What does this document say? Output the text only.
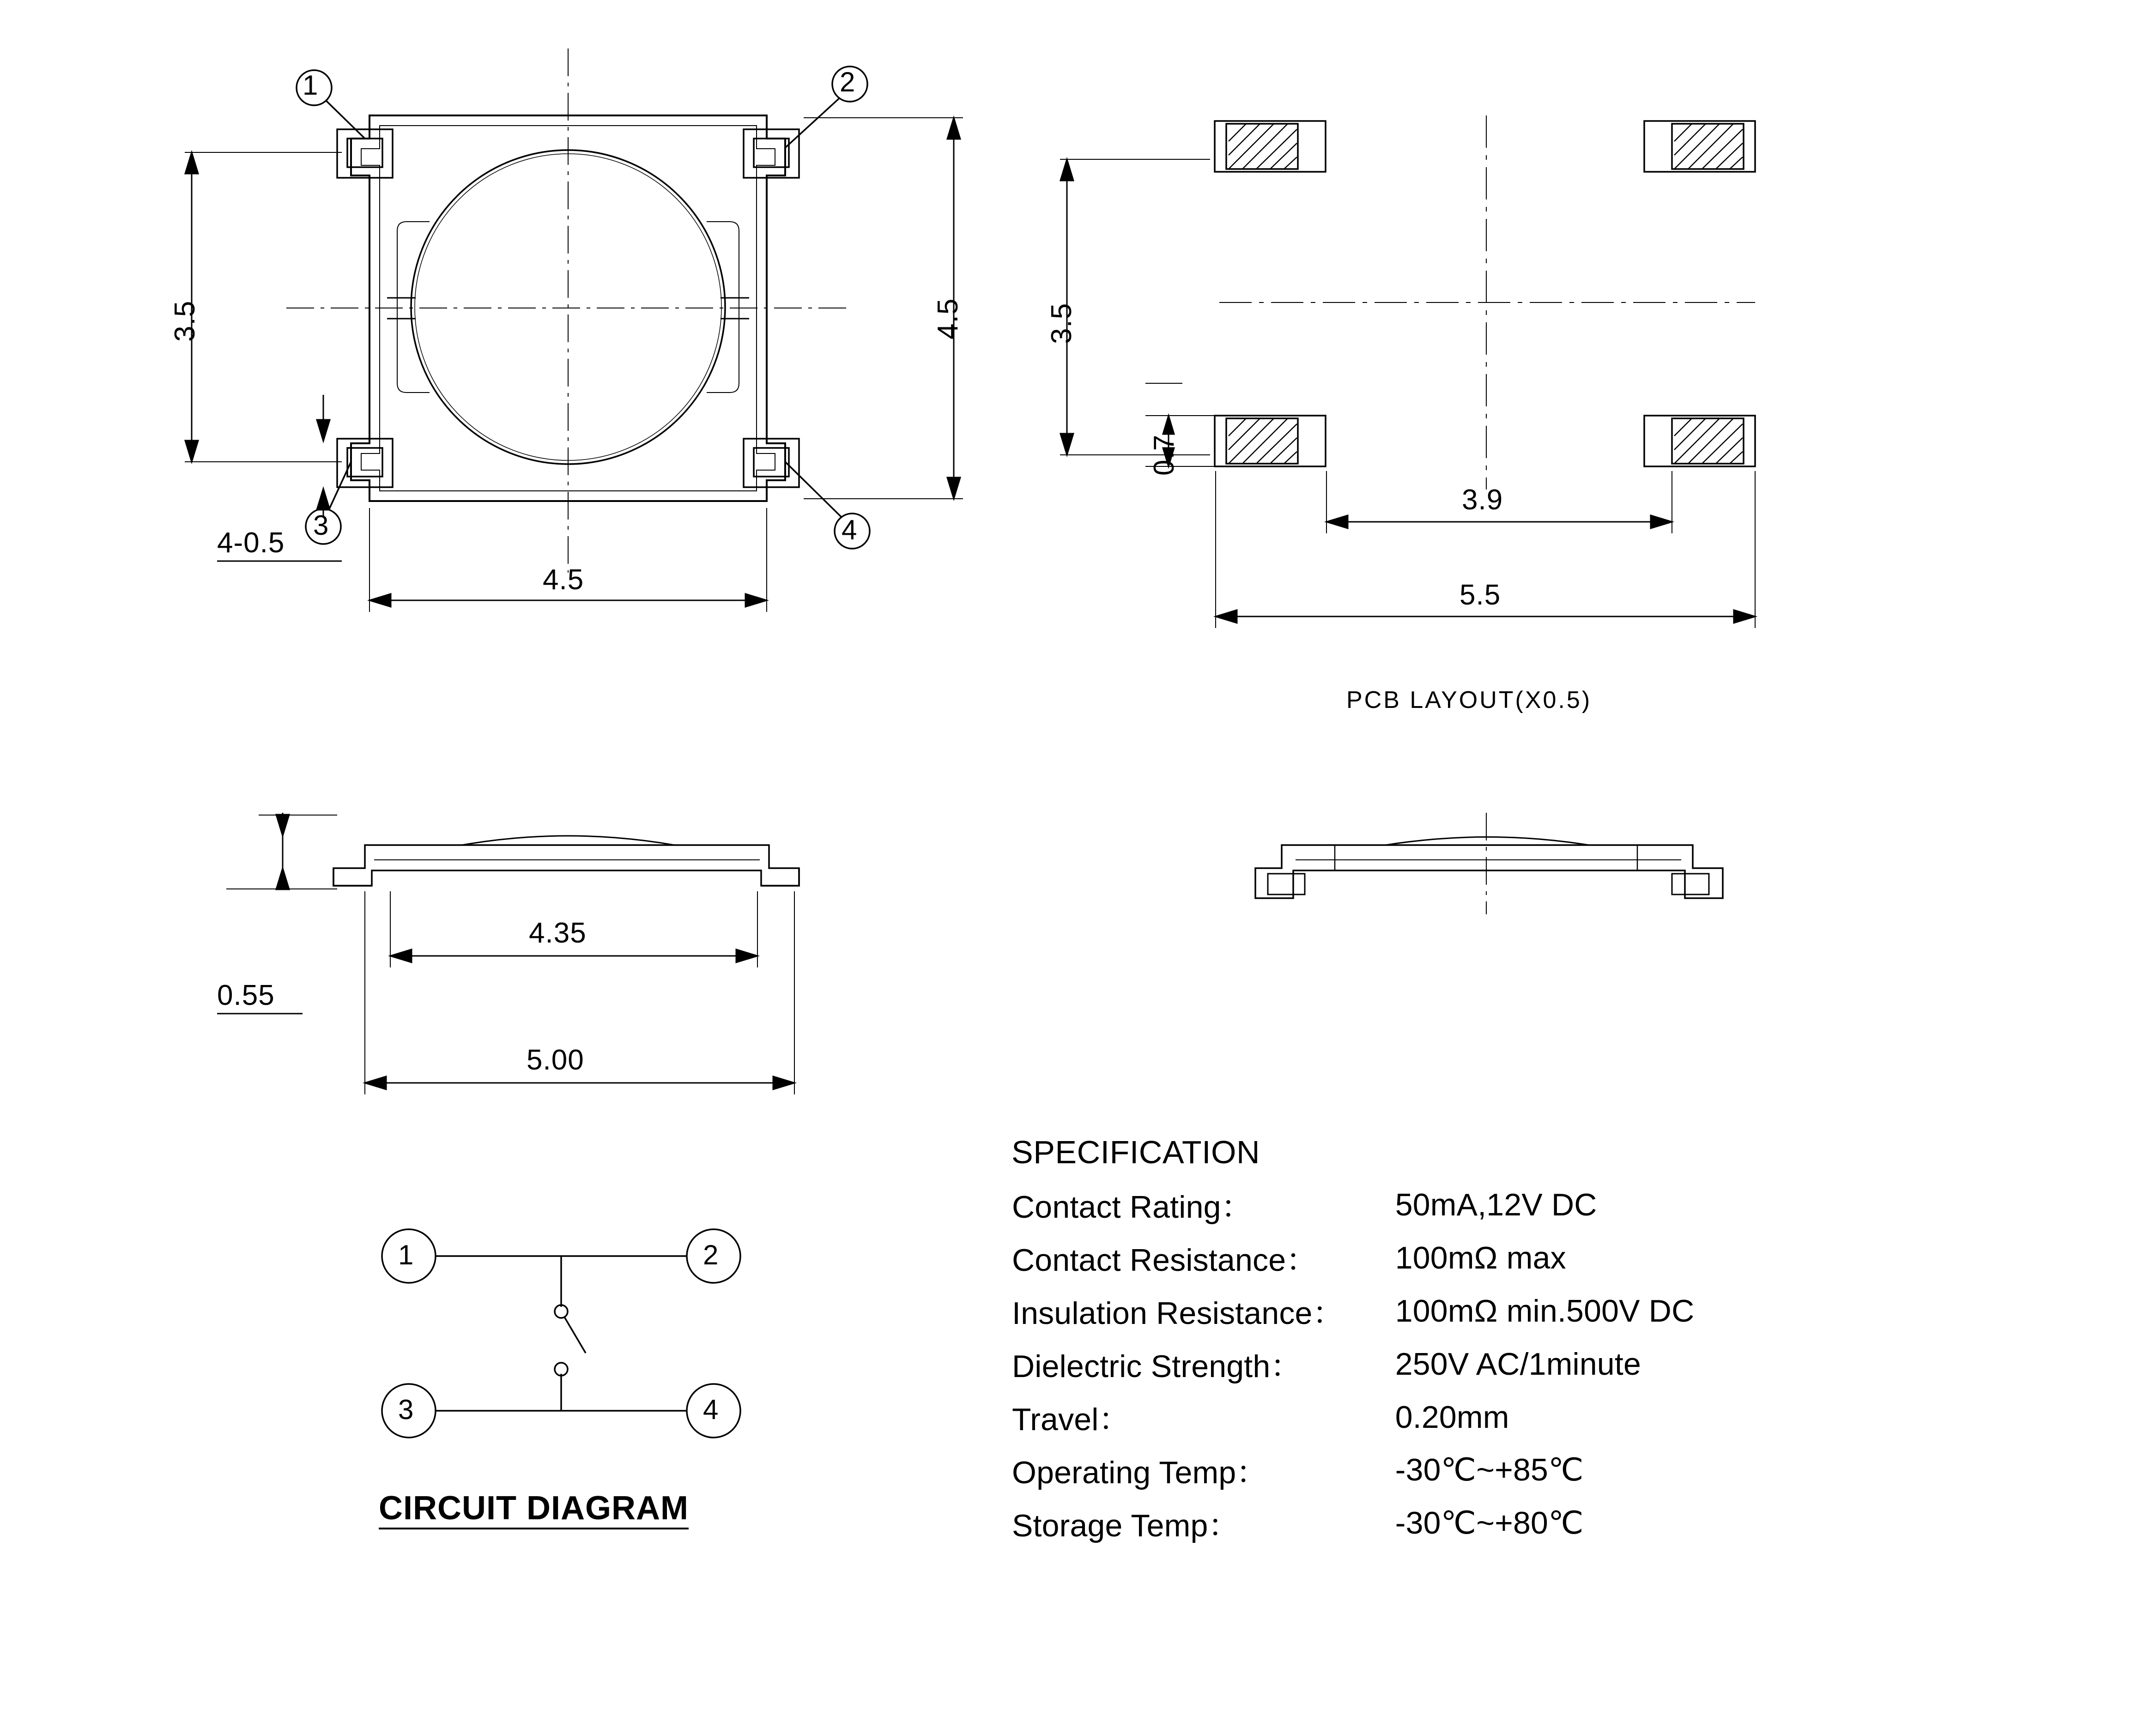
3.5	4.5
4.5
4-0.5
1	2
3	4
3.5
0.7
3.9
5.5
PCB LAYOUT(X0.5)
0.55
4.35
5.00
1	2
3	4
CIRCUIT DIAGRAM
SPECIFICATION
Contact Rating：	50mA,12V DC
Contact Resistance：	100mΩ max
Insulation Resistance：	100mΩ min.500V DC
Dielectric Strength：	250V AC/1minute
Travel：	0.20mm
Operating Temp：	-30℃~+85℃
Storage Temp：	-30℃~+80℃
